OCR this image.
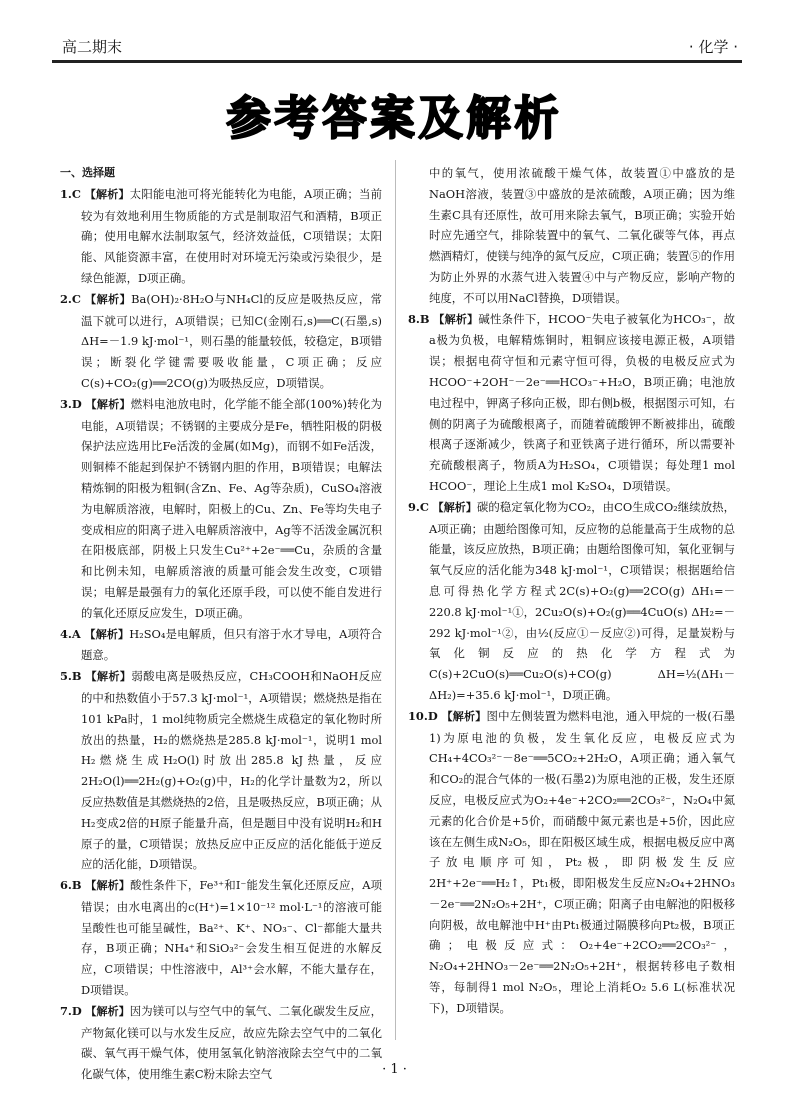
高二期末	· 化学 ·
参考答案及解析
一、选择题

1.C 【解析】太阳能电池可将光能转化为电能，A项正确；当前较为有效地利用生物质能的方式是制取沼气和酒精，B项正确；使用电解水法制取氢气，经济效益低，C项错误；太阳能、风能资源丰富，在使用时对环境无污染或污染很少，是绿色能源，D项正确。

2.C 【解析】Ba(OH)₂·8H₂O与NH₄Cl的反应是吸热反应，常温下就可以进行，A项错误；已知C(金刚石,s)══C(石墨,s) ΔH=－1.9 kJ·mol⁻¹，则石墨的能量较低，较稳定，B项错误；断裂化学键需要吸收能量，C项正确；反应C(s)+CO₂(g)══2CO(g)为吸热反应，D项错误。

3.D 【解析】燃料电池放电时，化学能不能全部(100%)转化为电能，A项错误；不锈钢的主要成分是Fe，牺牲阳极的阴极保护法应选用比Fe活泼的金属(如Mg)，而钢不如Fe活泼，则铜棒不能起到保护不锈钢内胆的作用，B项错误；电解法精炼铜的阳极为粗铜(含Zn、Fe、Ag等杂质)，CuSO₄溶液为电解质溶液，电解时，阳极上的Cu、Zn、Fe等均失电子变成相应的阳离子进入电解质溶液中，Ag等不活泼金属沉积在阳极底部，阴极上只发生Cu²⁺+2e⁻══Cu，杂质的含量和比例未知，电解质溶液的质量可能会发生改变，C项错误；电解是最强有力的氧化还原手段，可以使不能自发进行的氧化还原反应发生，D项正确。

4.A 【解析】H₂SO₄是电解质，但只有溶于水才导电，A项符合题意。

5.B 【解析】弱酸电离是吸热反应，CH₃COOH和NaOH反应的中和热数值小于57.3 kJ·mol⁻¹，A项错误；燃烧热是指在101 kPa时，1 mol纯物质完全燃烧生成稳定的氧化物时所放出的热量，H₂的燃烧热是285.8 kJ·mol⁻¹，说明1 mol H₂燃烧生成H₂O(l)时放出285.8 kJ热量，反应2H₂O(l)══2H₂(g)+O₂(g)中，H₂的化学计量数为2，所以反应热数值是其燃烧热的2倍，且是吸热反应，B项正确；从H₂变成2倍的H原子能量升高，但是题目中没有说明H₂和H原子的量，C项错误；放热反应中正反应的活化能低于逆反应的活化能，D项错误。

6.B 【解析】酸性条件下，Fe³⁺和I⁻能发生氧化还原反应，A项错误；由水电离出的c(H⁺)=1×10⁻¹² mol·L⁻¹的溶液可能呈酸性也可能呈碱性，Ba²⁺、K⁺、NO₃⁻、Cl⁻都能大量共存，B项正确；NH₄⁺和SiO₃²⁻会发生相互促进的水解反应，C项错误；中性溶液中，Al³⁺会水解，不能大量存在，D项错误。

7.D 【解析】因为镁可以与空气中的氧气、二氧化碳发生反应，产物氮化镁可以与水发生反应，故应先除去空气中的二氧化碳、氧气再干燥气体，使用氢氧化钠溶液除去空气中的二氧化碳气体，使用维生素C粉末除去空气

中的氧气，使用浓硫酸干燥气体，故装置①中盛放的是NaOH溶液，装置③中盛放的是浓硫酸，A项正确；因为维生素C具有还原性，故可用来除去氧气，B项正确；实验开始时应先通空气，排除装置中的氧气、二氧化碳等气体，再点燃酒精灯，使镁与纯净的氮气反应，C项正确；装置⑤的作用为防止外界的水蒸气进入装置④中与产物反应，影响产物的纯度，不可以用NaCl替换，D项错误。

8.B 【解析】碱性条件下，HCOO⁻失电子被氧化为HCO₃⁻，故a极为负极，电解精炼铜时，粗铜应该接电源正极，A项错误；根据电荷守恒和元素守恒可得，负极的电极反应式为HCOO⁻+2OH⁻－2e⁻══HCO₃⁻+H₂O，B项正确；电池放电过程中，钾离子移向正极，即右侧b极，根据图示可知，右侧的阴离子为硫酸根离子，而随着硫酸钾不断被排出，硫酸根离子逐渐减少，铁离子和亚铁离子进行循环，所以需要补充硫酸根离子，物质A为H₂SO₄，C项错误；每处理1 mol HCOO⁻，理论上生成1 mol K₂SO₄，D项错误。

9.C 【解析】碳的稳定氧化物为CO₂，由CO生成CO₂继续放热，A项正确；由题给图像可知，反应物的总能量高于生成物的总能量，该反应放热，B项正确；由题给图像可知，氧化亚铜与氧气反应的活化能为348 kJ·mol⁻¹，C项错误；根据题给信息可得热化学方程式2C(s)+O₂(g)══2CO(g) ΔH₁=－220.8 kJ·mol⁻¹①，2Cu₂O(s)+O₂(g)══4CuO(s) ΔH₂=－292 kJ·mol⁻¹②，由½(反应①－反应②)可得，足量炭粉与氧化铜反应的热化学方程式为C(s)+2CuO(s)══Cu₂O(s)+CO(g) ΔH=½(ΔH₁－ΔH₂)=+35.6 kJ·mol⁻¹，D项正确。

10.D 【解析】图中左侧装置为燃料电池，通入甲烷的一极(石墨1)为原电池的负极，发生氧化反应，电极反应式为CH₄+4CO₃²⁻－8e⁻══5CO₂+2H₂O，A项正确；通入氧气和CO₂的混合气体的一极(石墨2)为原电池的正极，发生还原反应，电极反应式为O₂+4e⁻+2CO₂══2CO₃²⁻，N₂O₄中氮元素的化合价是+5价，而硝酸中氮元素也是+5价，因此应该在左侧生成N₂O₅，即在阳极区域生成，根据电极反应中离子放电顺序可知，Pt₂极，即阴极发生反应2H⁺+2e⁻══H₂↑，Pt₁极，即阳极发生反应N₂O₄+2HNO₃－2e⁻══2N₂O₅+2H⁺，C项正确；阳离子由电解池的阳极移向阴极，故电解池中H⁺由Pt₁极通过隔膜移向Pt₂极，B项正确；电极反应式：O₂+4e⁻+2CO₂══2CO₃²⁻，N₂O₄+2HNO₃－2e⁻══2N₂O₅+2H⁺，根据转移电子数相等，每制得1 mol N₂O₅，理论上消耗O₂ 5.6 L(标准状况下)，D项错误。

· 1 ·
